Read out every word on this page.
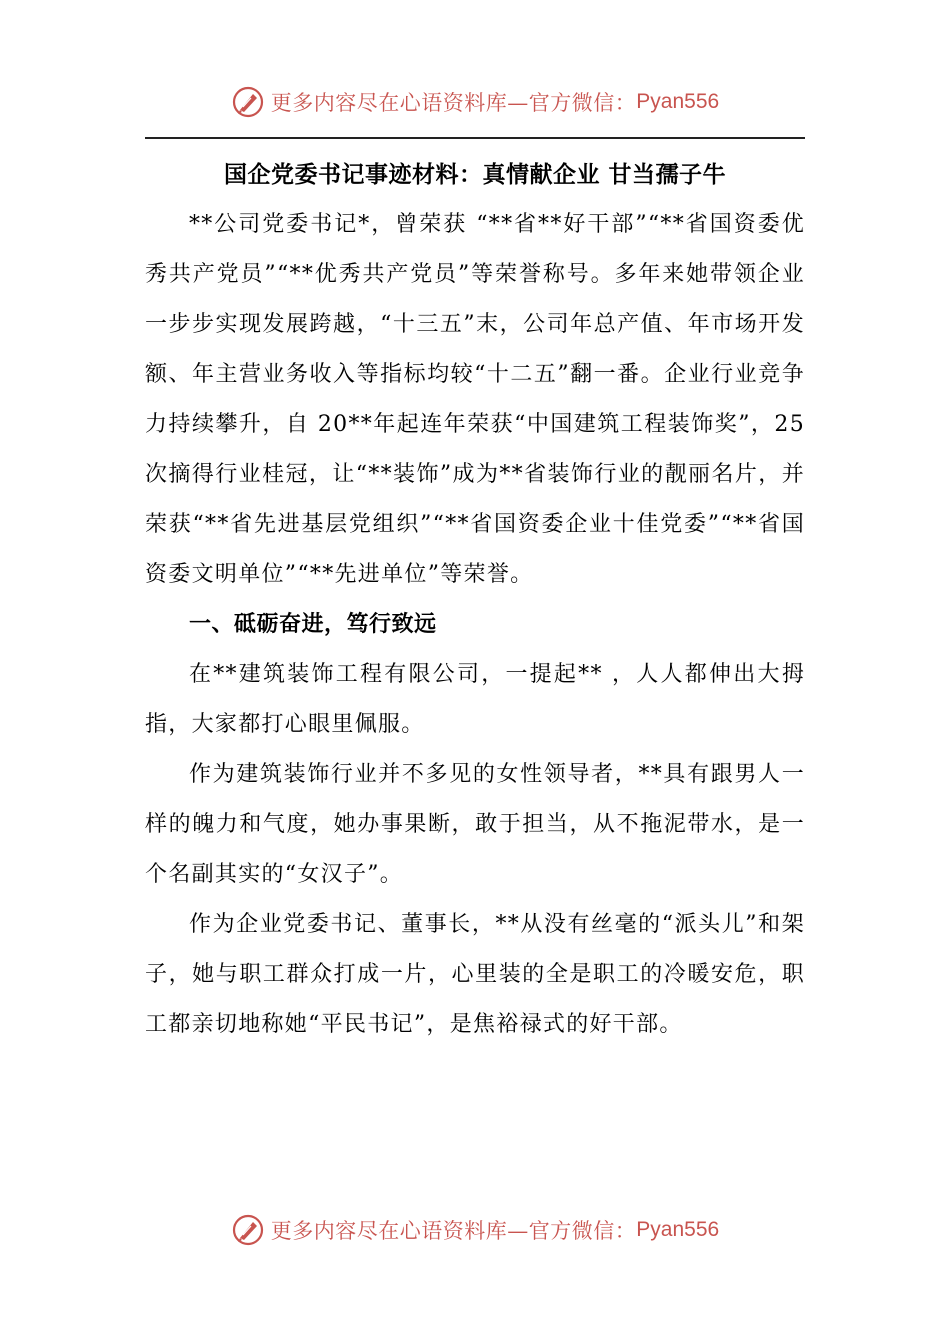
更多内容尽在心语资料库—官方微信： Pyan556

国企党委书记事迹材料：真情献企业 甘当孺子牛

**公司党委书记*，曾荣获 “**省**好干部”“**省国资委优秀共产党员”“**优秀共产党员”等荣誉称号。多年来她带领企业一步步实现发展跨越，“十三五”末，公司年总产值、年市场开发额、年主营业务收入等指标均较“十二五”翻一番。企业行业竞争力持续攀升，自 20**年起连年荣获“中国建筑工程装饰奖”，25 次摘得行业桂冠，让“**装饰”成为**省装饰行业的靓丽名片，并荣获“**省先进基层党组织”“**省国资委企业十佳党委”“**省国资委文明单位”“**先进单位”等荣誉。

一、砥砺奋进，笃行致远

在**建筑装饰工程有限公司，一提起** ，人人都伸出大拇指，大家都打心眼里佩服。

作为建筑装饰行业并不多见的女性领导者，**具有跟男人一样的魄力和气度，她办事果断，敢于担当，从不拖泥带水，是一个名副其实的“女汉子”。

作为企业党委书记、董事长，**从没有丝毫的“派头儿”和架子，她与职工群众打成一片，心里装的全是职工的冷暖安危，职工都亲切地称她“平民书记”，是焦裕禄式的好干部。

更多内容尽在心语资料库—官方微信： Pyan556
